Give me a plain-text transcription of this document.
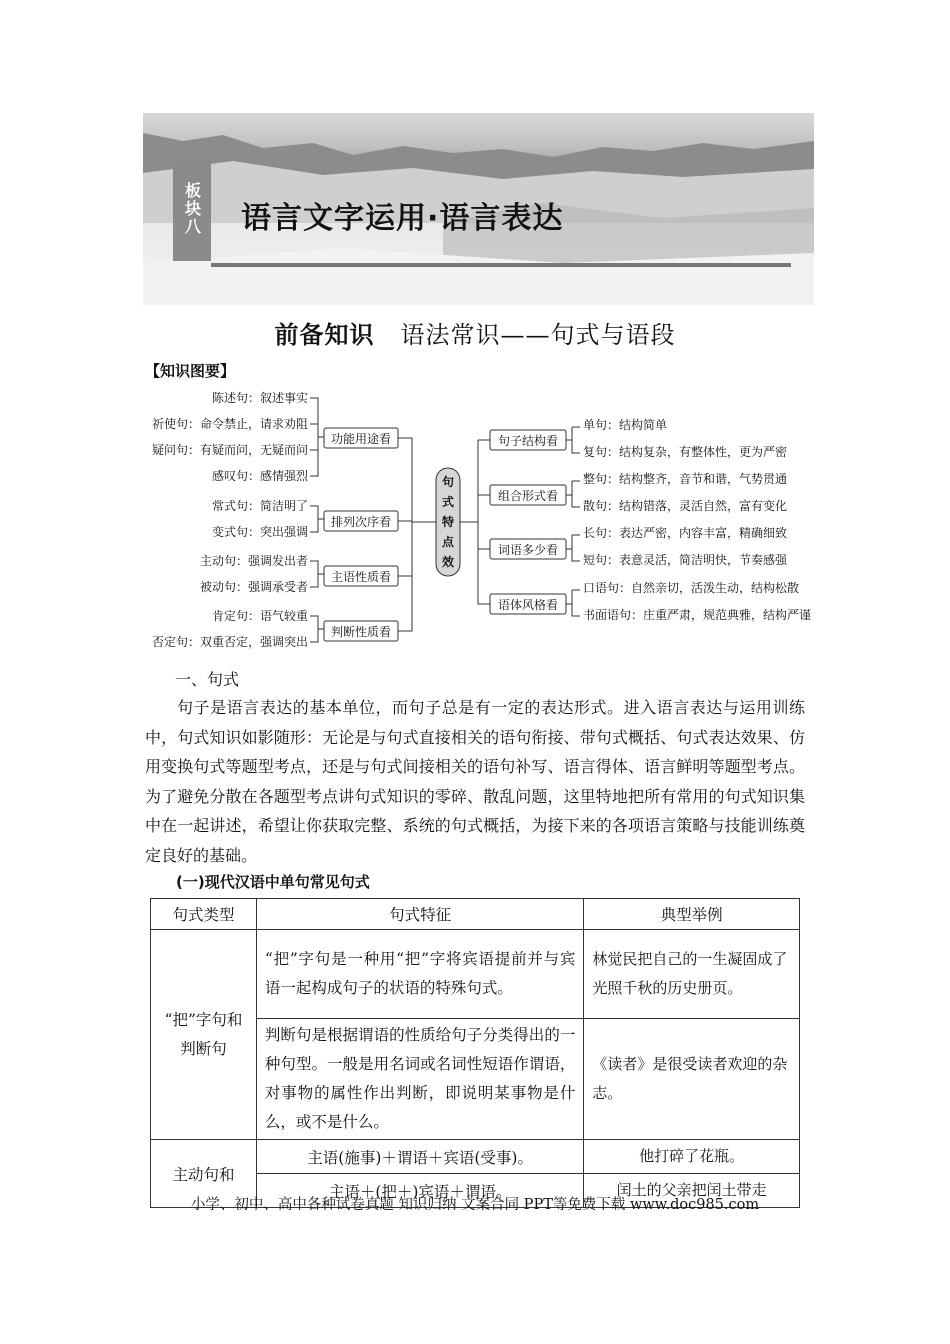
板块八	语言文字运用·语言表达
前备知识 语法常识——句式与语段
【知识图要】
陈述句：叙述事实
祈使句：命令禁止，请求劝阻
疑问句：有疑而问，无疑而问
感叹句：感情强烈
常式句：简洁明了
变式句：突出强调
主动句：强调发出者
被动句：强调承受者
肯定句：语气较重
否定句：双重否定，强调突出
功能用途看
排列次序看
主语性质看
判断性质看
句
式
特
点
效
句子结构看
组合形式看
词语多少看
语体风格看
单句：结构简单
复句：结构复杂，有整体性，更为严密
整句：结构整齐，音节和谐，气势贯通
散句：结构错落，灵活自然，富有变化
长句：表达严密，内容丰富，精确细致
短句：表意灵活，简洁明快，节奏感强
口语句：自然亲切，活泼生动，结构松散
书面语句：庄重严肃，规范典雅，结构严谨
一、句式
句子是语言表达的基本单位，而句子总是有一定的表达形式。进入语言表达与运用训练中，句式知识如影随形：无论是与句式直接相关的语句衔接、带句式概括、句式表达效果、仿用变换句式等题型考点，还是与句式间接相关的语句补写、语言得体、语言鲜明等题型考点。为了避免分散在各题型考点讲句式知识的零碎、散乱问题，这里特地把所有常用的句式知识集中在一起讲述，希望让你获取完整、系统的句式概括，为接下来的各项语言策略与技能训练奠定良好的基础。
(一)现代汉语中单句常见句式
句式类型	句式特征	典型举例
“把”字句和判断句	“把”字句是一种用“把”字将宾语提前并与宾语一起构成句子的状语的特殊句式。	林觉民把自己的一生凝固成了光照千秋的历史册页。
	判断句是根据谓语的性质给句子分类得出的一种句型。一般是用名词或名词性短语作谓语，对事物的属性作出判断，即说明某事物是什么，或不是什么。	《读者》是很受读者欢迎的杂志。
主动句和	主语(施事)＋谓语＋宾语(受事)。	他打碎了花瓶。
	主语＋(把＋)宾语＋谓语。	闰土的父亲把闰土带走
小学、初中、高中各种试卷真题 知识归纳 文案合同 PPT等免费下载 www.doc985.com
